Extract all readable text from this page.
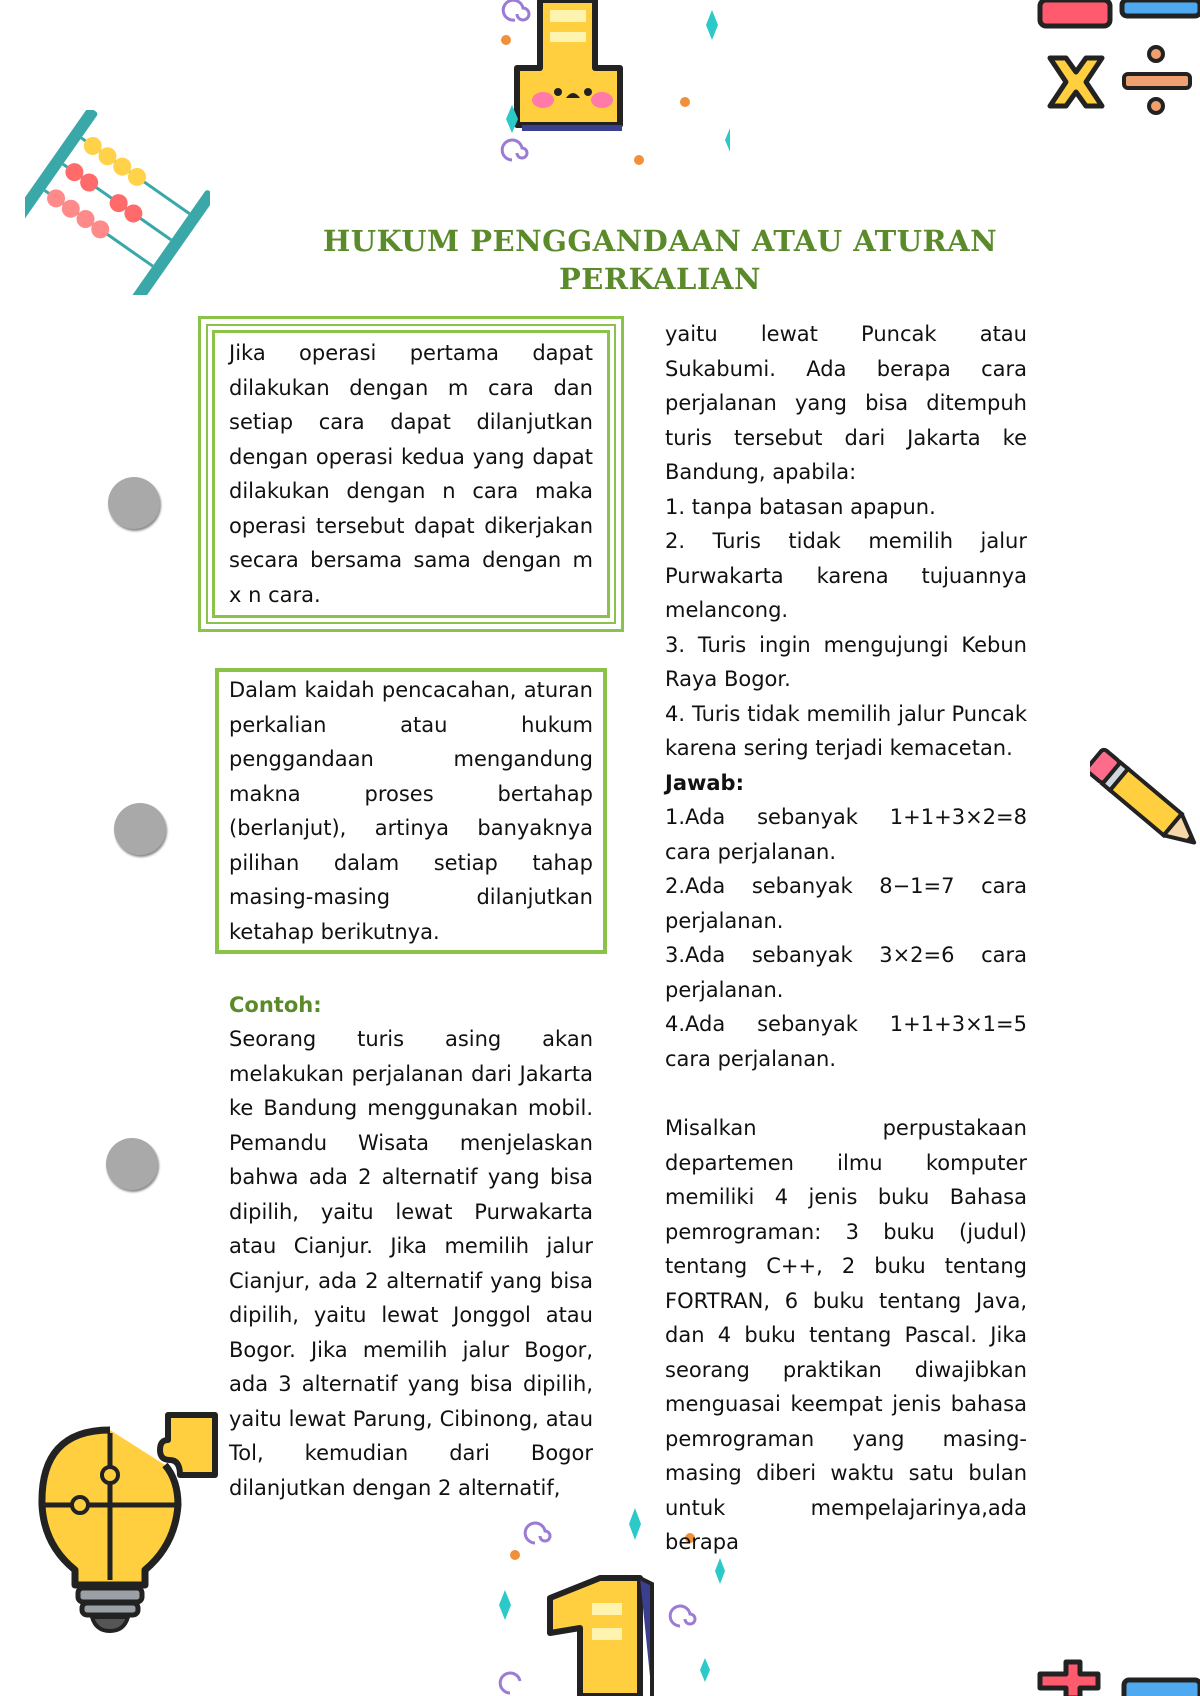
HUKUM PENGGANDAAN ATAU ATURAN
PERKALIAN

Jika operasi pertama dapat dilakukan dengan m cara dan setiap cara dapat dilanjutkan dengan operasi kedua yang dapat dilakukan dengan n cara maka operasi tersebut dapat dikerjakan secara bersama sama dengan m x n cara.

Dalam kaidah pencacahan, aturan perkalian atau hukum penggandaan mengandung makna proses bertahap (berlanjut), artinya banyaknya pilihan dalam setiap tahap masing-masing dilanjutkan ketahap berikutnya.

Contoh:

Seorang turis asing akan melakukan perjalanan dari Jakarta ke Bandung menggunakan mobil. Pemandu Wisata menjelaskan bahwa ada 2 alternatif yang bisa dipilih, yaitu lewat Purwakarta atau Cianjur. Jika memilih jalur Cianjur, ada 2 alternatif yang bisa dipilih, yaitu lewat Jonggol atau Bogor. Jika memilih jalur Bogor, ada 3 alternatif yang bisa dipilih, yaitu lewat Parung, Cibinong, atau Tol, kemudian dari Bogor dilanjutkan dengan 2 alternatif,

yaitu lewat Puncak atau Sukabumi. Ada berapa cara perjalanan yang bisa ditempuh turis tersebut dari Jakarta ke Bandung, apabila:

1. tanpa batasan apapun.

2. Turis tidak memilih jalur Purwakarta karena tujuannya melancong.

3. Turis ingin mengujungi Kebun Raya Bogor.

4. Turis tidak memilih jalur Puncak karena sering terjadi kemacetan.

Jawab:

1.Ada sebanyak 1+1+3×2=8 cara perjalanan.

2.Ada sebanyak 8−1=7 cara perjalanan.

3.Ada sebanyak 3×2=6 cara perjalanan.

4.Ada sebanyak 1+1+3×1=5 cara perjalanan.

Misalkan perpustakaan departemen ilmu komputer memiliki 4 jenis buku Bahasa pemrograman: 3 buku (judul) tentang C++, 2 buku tentang FORTRAN, 6 buku tentang Java, dan 4 buku tentang Pascal. Jika seorang praktikan diwajibkan menguasai keempat jenis bahasa pemrograman yang masing-masing diberi waktu satu bulan untuk mempelajarinya,ada berapa
